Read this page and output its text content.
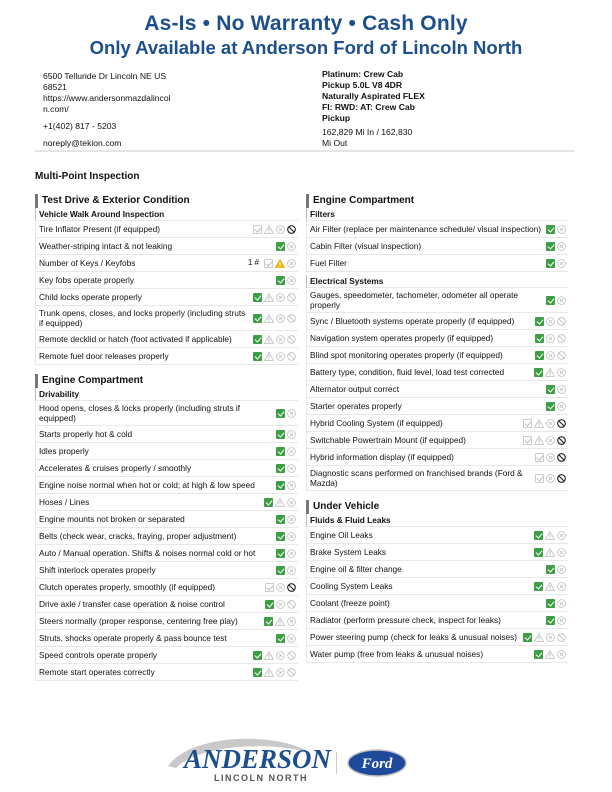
As-Is • No Warranty • Cash Only
Only Available at Anderson Ford of Lincoln North
6500 Telluride Dr Lincoln NE US
68521
https://www.andersonmazdalincol
n.com/
+1(402) 817 - 5203
noreply@tekion.com
Platinum: Crew Cab
Pickup 5.0L V8 4DR
Naturally Aspirated FLEX
FI: RWD: AT: Crew Cab
Pickup
162,829 Mi In / 162,830
Mi Out
Multi-Point Inspection
Test Drive & Exterior Condition
Vehicle Walk Around Inspection
Tire Inflator Present (if equipped)
Weather-striping intact & not leaking
Number of Keys / Keyfobs	1 #
Key fobs operate properly
Child locks operate properly
Trunk opens, closes, and locks properly (including struts if equipped)
Remote decklid or hatch (foot activated if applicable)
Remote fuel door releases properly
Engine Compartment
Drivability
Hood opens, closes & locks properly (including struts if equipped)
Starts properly hot & cold
Idles properly
Accelerates & cruises properly / smoothly
Engine noise normal when hot or cold; at high & low speed
Hoses / Lines
Engine mounts not broken or separated
Belts (check wear, cracks, fraying, proper adjustment)
Auto / Manual operation. Shifts & noises normal cold or hot
Shift interlock operates properly
Clutch operates properly, smoothly (if equipped)
Drive axle / transfer case operation & noise control
Steers normally (proper response, centering free play)
Struts, shocks operate properly & pass bounce test
Speed controls operate properly
Remote start operates correctly
Engine Compartment
Filters
Air Filter (replace per maintenance schedule/ visual inspection)
Cabin Filter (visual inspection)
Fuel Filter
Electrical Systems
Gauges, speedometer, tachometer, odometer all operate properly
Sync / Bluetooth systems operate properly (if equipped)
Navigation system operates properly (if equipped)
Blind spot monitoring operates properly (if equipped)
Battery type, condition, fluid level, load test corrected
Alternator output correct
Starter operates properly
Hybrid Cooling System (if equipped)
Switchable Powertrain Mount (if equipped)
Hybrid information display (if equipped)
Diagnostic scans performed on franchised brands (Ford & Mazda)
Under Vehicle
Fluids & Fluid Leaks
Engine Oil Leaks
Brake System Leaks
Engine oil & filter change
Cooling System Leaks
Coolant (freeze point)
Radiator (perform pressure check, inspect for leaks)
Power steering pump (check for leaks & unusual noises)
Water pump (free from leaks & unusual noises)
ANDERSON
LINCOLN NORTH
Ford
